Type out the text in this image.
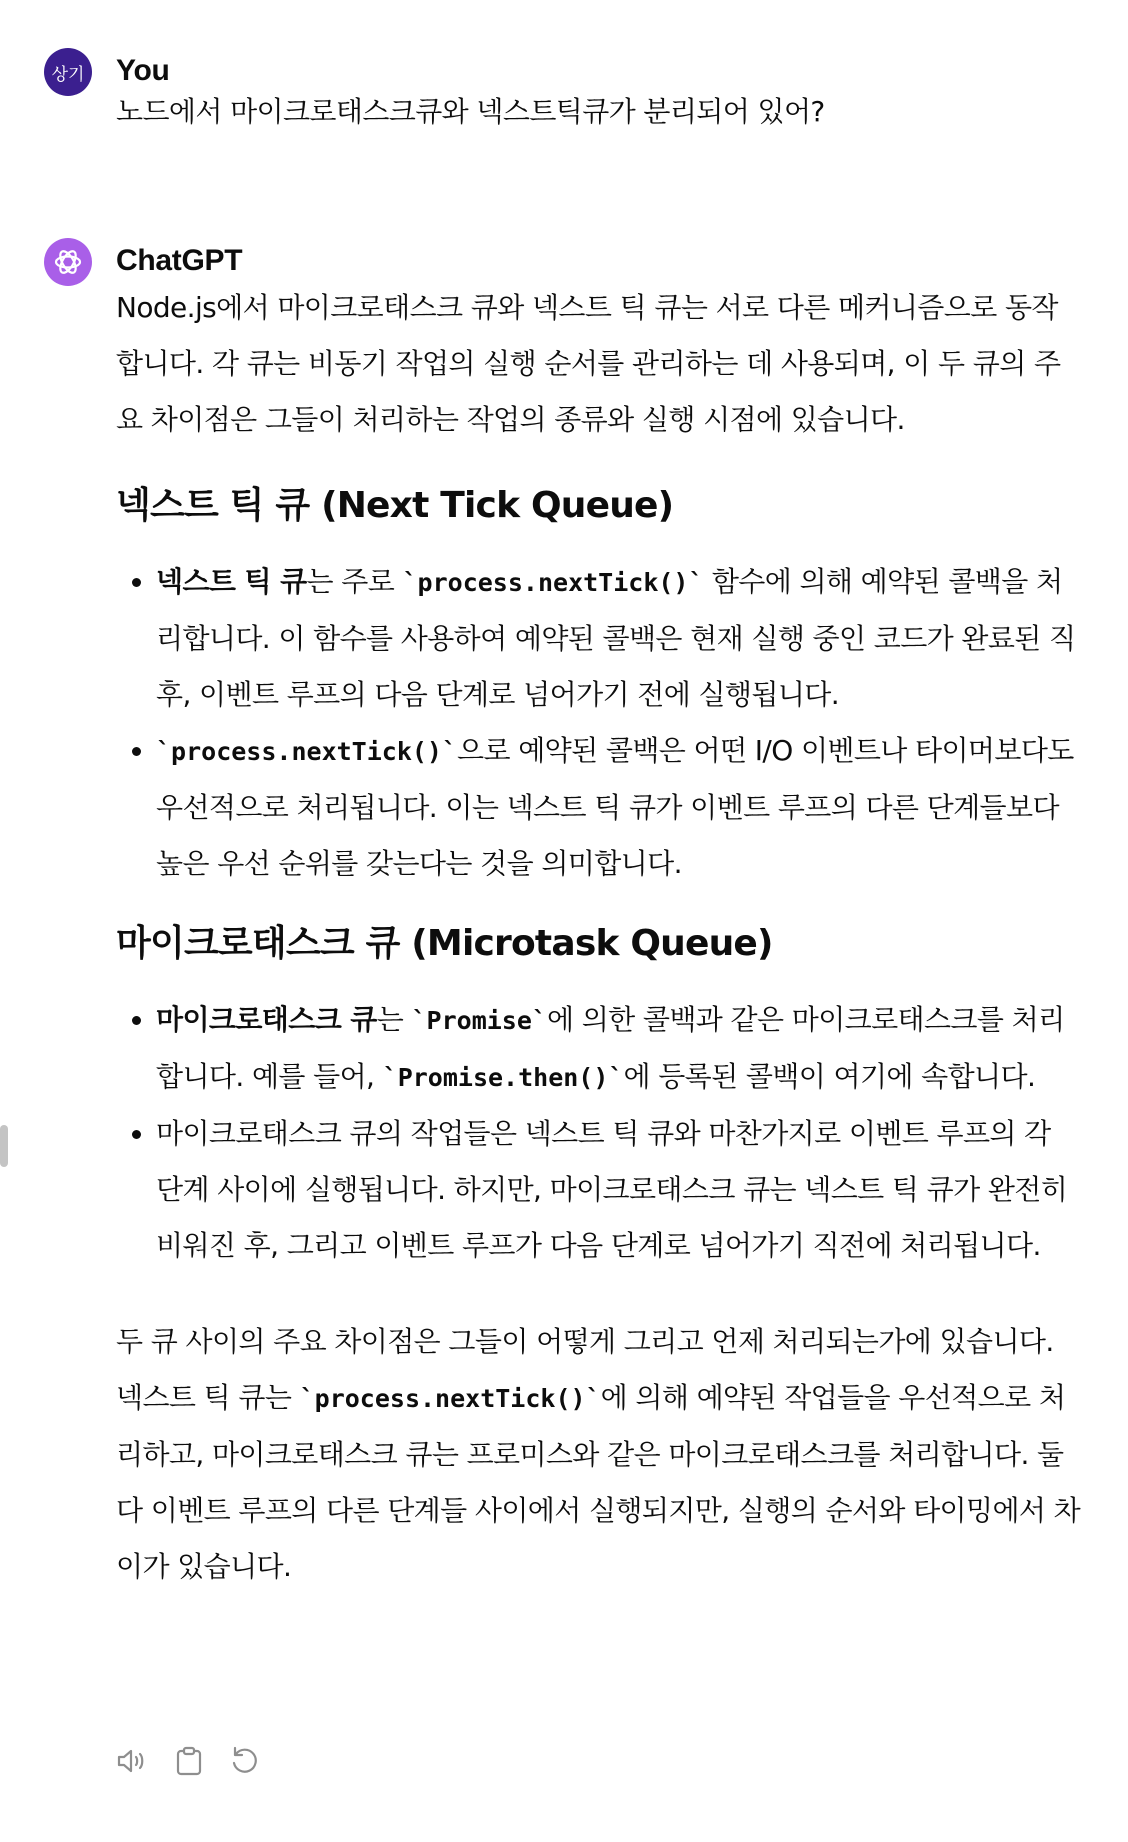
상기 You
노드에서 마이크로태스크큐와 넥스트틱큐가 분리되어 있어?
ChatGPT

Node.js에서 마이크로태스크 큐와 넥스트 틱 큐는 서로 다른 메커니즘으로 동작합니다. 각 큐는 비동기 작업의 실행 순서를 관리하는 데 사용되며, 이 두 큐의 주요 차이점은 그들이 처리하는 작업의 종류와 실행 시점에 있습니다.

넥스트 틱 큐 (Next Tick Queue)
• 넥스트 틱 큐는 주로 `process.nextTick()` 함수에 의해 예약된 콜백을 처리합니다. 이 함수를 사용하여 예약된 콜백은 현재 실행 중인 코드가 완료된 직후, 이벤트 루프의 다음 단계로 넘어가기 전에 실행됩니다.
• `process.nextTick()`으로 예약된 콜백은 어떤 I/O 이벤트나 타이머보다도 우선적으로 처리됩니다. 이는 넥스트 틱 큐가 이벤트 루프의 다른 단계들보다 높은 우선 순위를 갖는다는 것을 의미합니다.
마이크로태스크 큐 (Microtask Queue)
• 마이크로태스크 큐는 `Promise`에 의한 콜백과 같은 마이크로태스크를 처리합니다. 예를 들어, `Promise.then()`에 등록된 콜백이 여기에 속합니다.
• 마이크로태스크 큐의 작업들은 넥스트 틱 큐와 마찬가지로 이벤트 루프의 각 단계 사이에 실행됩니다. 하지만, 마이크로태스크 큐는 넥스트 틱 큐가 완전히 비워진 후, 그리고 이벤트 루프가 다음 단계로 넘어가기 직전에 처리됩니다.

두 큐 사이의 주요 차이점은 그들이 어떻게 그리고 언제 처리되는가에 있습니다. 넥스트 틱 큐는 `process.nextTick()`에 의해 예약된 작업들을 우선적으로 처리하고, 마이크로태스크 큐는 프로미스와 같은 마이크로태스크를 처리합니다. 둘 다 이벤트 루프의 다른 단계들 사이에서 실행되지만, 실행의 순서와 타이밍에서 차이가 있습니다.
